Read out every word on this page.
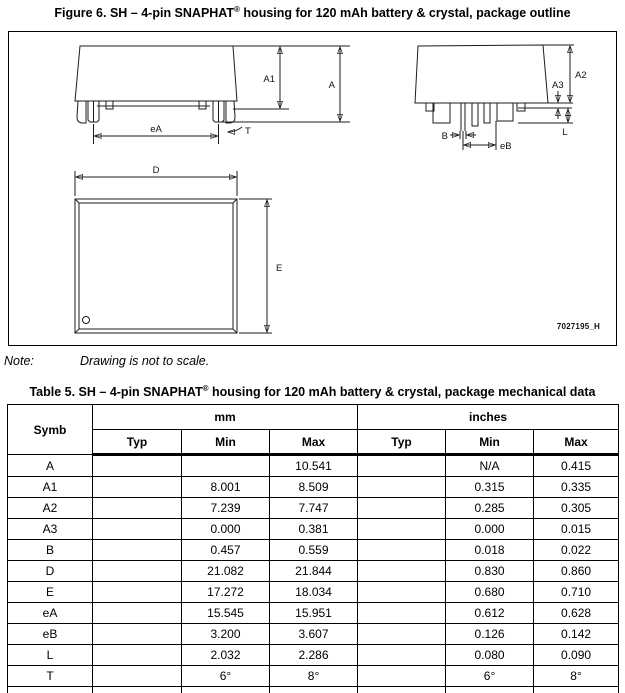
Figure 6. SH – 4-pin SNAPHAT® housing for 120 mAh battery & crystal, package outline
A1
A
eA	T
A2
A3
L
B
eB
D
E
7027195_H
Note:	Drawing is not to scale.
Table 5. SH – 4-pin SNAPHAT® housing for 120 mAh battery & crystal, package mechanical data
Symb	mm			inches		
	Typ	Min	Max	Typ	Min	Max
A			10.541		N/A	0.415
A1		8.001	8.509		0.315	0.335
A2		7.239	7.747		0.285	0.305
A3		0.000	0.381		0.000	0.015
B		0.457	0.559		0.018	0.022
D		21.082	21.844		0.830	0.860
E		17.272	18.034		0.680	0.710
eA		15.545	15.951		0.612	0.628
eB		3.200	3.607		0.126	0.142
L		2.032	2.286		0.080	0.090
T		6°	8°		6°	8°
